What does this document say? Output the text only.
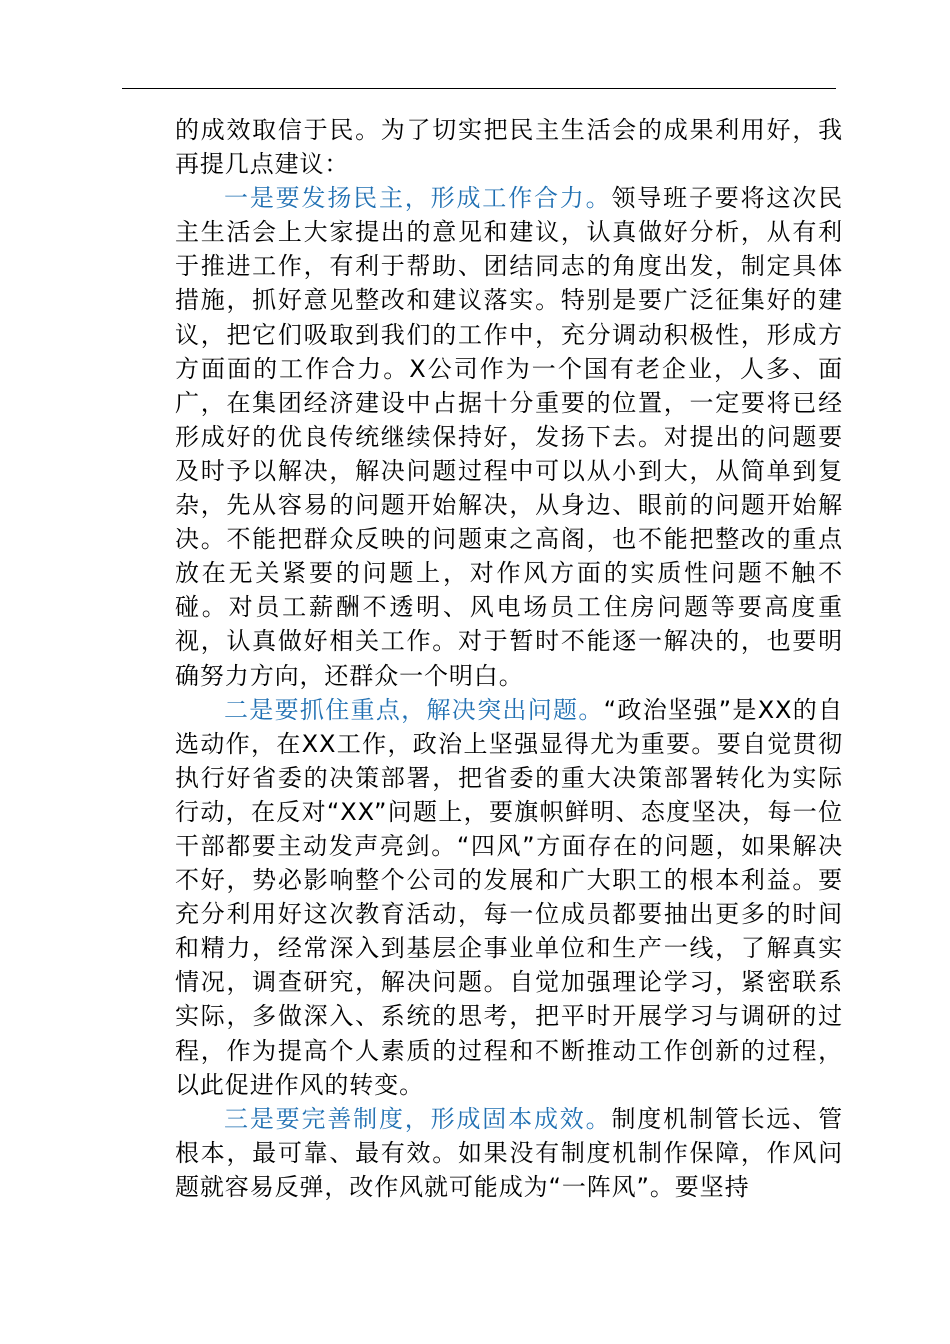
的成效取信于民。为了切实把民主生活会的成果利用好，我再提几点建议：

一是要发扬民主，形成工作合力。领导班子要将这次民主生活会上大家提出的意见和建议，认真做好分析，从有利于推进工作，有利于帮助、团结同志的角度出发，制定具体措施，抓好意见整改和建议落实。特别是要广泛征集好的建议，把它们吸取到我们的工作中，充分调动积极性，形成方方面面的工作合力。X公司作为一个国有老企业，人多、面广，在集团经济建设中占据十分重要的位置，一定要将已经形成好的优良传统继续保持好，发扬下去。对提出的问题要及时予以解决，解决问题过程中可以从小到大，从简单到复杂，先从容易的问题开始解决，从身边、眼前的问题开始解决。不能把群众反映的问题束之高阁，也不能把整改的重点放在无关紧要的问题上，对作风方面的实质性问题不触不碰。对员工薪酬不透明、风电场员工住房问题等要高度重视，认真做好相关工作。对于暂时不能逐一解决的，也要明确努力方向，还群众一个明白。

二是要抓住重点，解决突出问题。“政治坚强”是XX的自选动作，在XX工作，政治上坚强显得尤为重要。要自觉贯彻执行好省委的决策部署，把省委的重大决策部署转化为实际行动，在反对“XX”问题上，要旗帜鲜明、态度坚决，每一位干部都要主动发声亮剑。“四风”方面存在的问题，如果解决不好，势必影响整个公司的发展和广大职工的根本利益。要充分利用好这次教育活动，每一位成员都要抽出更多的时间和精力，经常深入到基层企事业单位和生产一线，了解真实情况，调查研究，解决问题。自觉加强理论学习，紧密联系实际，多做深入、系统的思考，把平时开展学习与调研的过程，作为提高个人素质的过程和不断推动工作创新的过程，以此促进作风的转变。

三是要完善制度，形成固本成效。制度机制管长远、管根本，最可靠、最有效。如果没有制度机制作保障，作风问题就容易反弹，改作风就可能成为“一阵风”。要坚持
